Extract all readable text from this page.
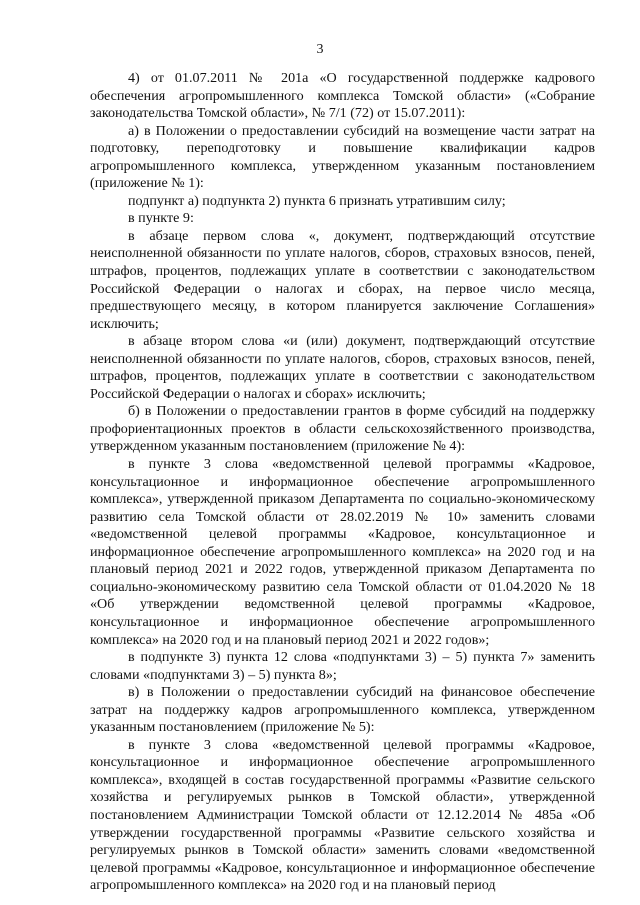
3

4) от 01.07.2011 № 201а «О государственной поддержке кадрового обеспечения агропромышленного комплекса Томской области» («Собрание законодательства Томской области», № 7/1 (72) от 15.07.2011):

а) в Положении о предоставлении субсидий на возмещение части затрат на подготовку, переподготовку и повышение квалификации кадров агропромышленного комплекса, утвержденном указанным постановлением (приложение № 1):

подпункт а) подпункта 2) пункта 6 признать утратившим силу;

в пункте 9:

в абзаце первом слова «, документ, подтверждающий отсутствие неисполненной обязанности по уплате налогов, сборов, страховых взносов, пеней, штрафов, процентов, подлежащих уплате в соответствии с законодательством Российской Федерации о налогах и сборах, на первое число месяца, предшествующего месяцу, в котором планируется заключение Соглашения» исключить;

в абзаце втором слова «и (или) документ, подтверждающий отсутствие неисполненной обязанности по уплате налогов, сборов, страховых взносов, пеней, штрафов, процентов, подлежащих уплате в соответствии с законодательством Российской Федерации о налогах и сборах» исключить;

б) в Положении о предоставлении грантов в форме субсидий на поддержку профориентационных проектов в области сельскохозяйственного производства, утвержденном указанным постановлением (приложение № 4):

в пункте 3 слова «ведомственной целевой программы «Кадровое, консультационное и информационное обеспечение агропромышленного комплекса», утвержденной приказом Департамента по социально-экономическому развитию села Томской области от 28.02.2019 № 10» заменить словами «ведомственной целевой программы «Кадровое, консультационное и информационное обеспечение агропромышленного комплекса» на 2020 год и на плановый период 2021 и 2022 годов, утвержденной приказом Департамента по социально-экономическому развитию села Томской области от 01.04.2020 № 18 «Об утверждении ведомственной целевой программы «Кадровое, консультационное и информационное обеспечение агропромышленного комплекса» на 2020 год и на плановый период 2021 и 2022 годов»;

в подпункте 3) пункта 12 слова «подпунктами 3) – 5) пункта 7» заменить словами «подпунктами 3) – 5) пункта 8»;

в) в Положении о предоставлении субсидий на финансовое обеспечение затрат на поддержку кадров агропромышленного комплекса, утвержденном указанным постановлением (приложение № 5):

в пункте 3 слова «ведомственной целевой программы «Кадровое, консультационное и информационное обеспечение агропромышленного комплекса», входящей в состав государственной программы «Развитие сельского хозяйства и регулируемых рынков в Томской области», утвержденной постановлением Администрации Томской области от 12.12.2014 № 485а «Об утверждении государственной программы «Развитие сельского хозяйства и регулируемых рынков в Томской области» заменить словами «ведомственной целевой программы «Кадровое, консультационное и информационное обеспечение агропромышленного комплекса» на 2020 год и на плановый период
